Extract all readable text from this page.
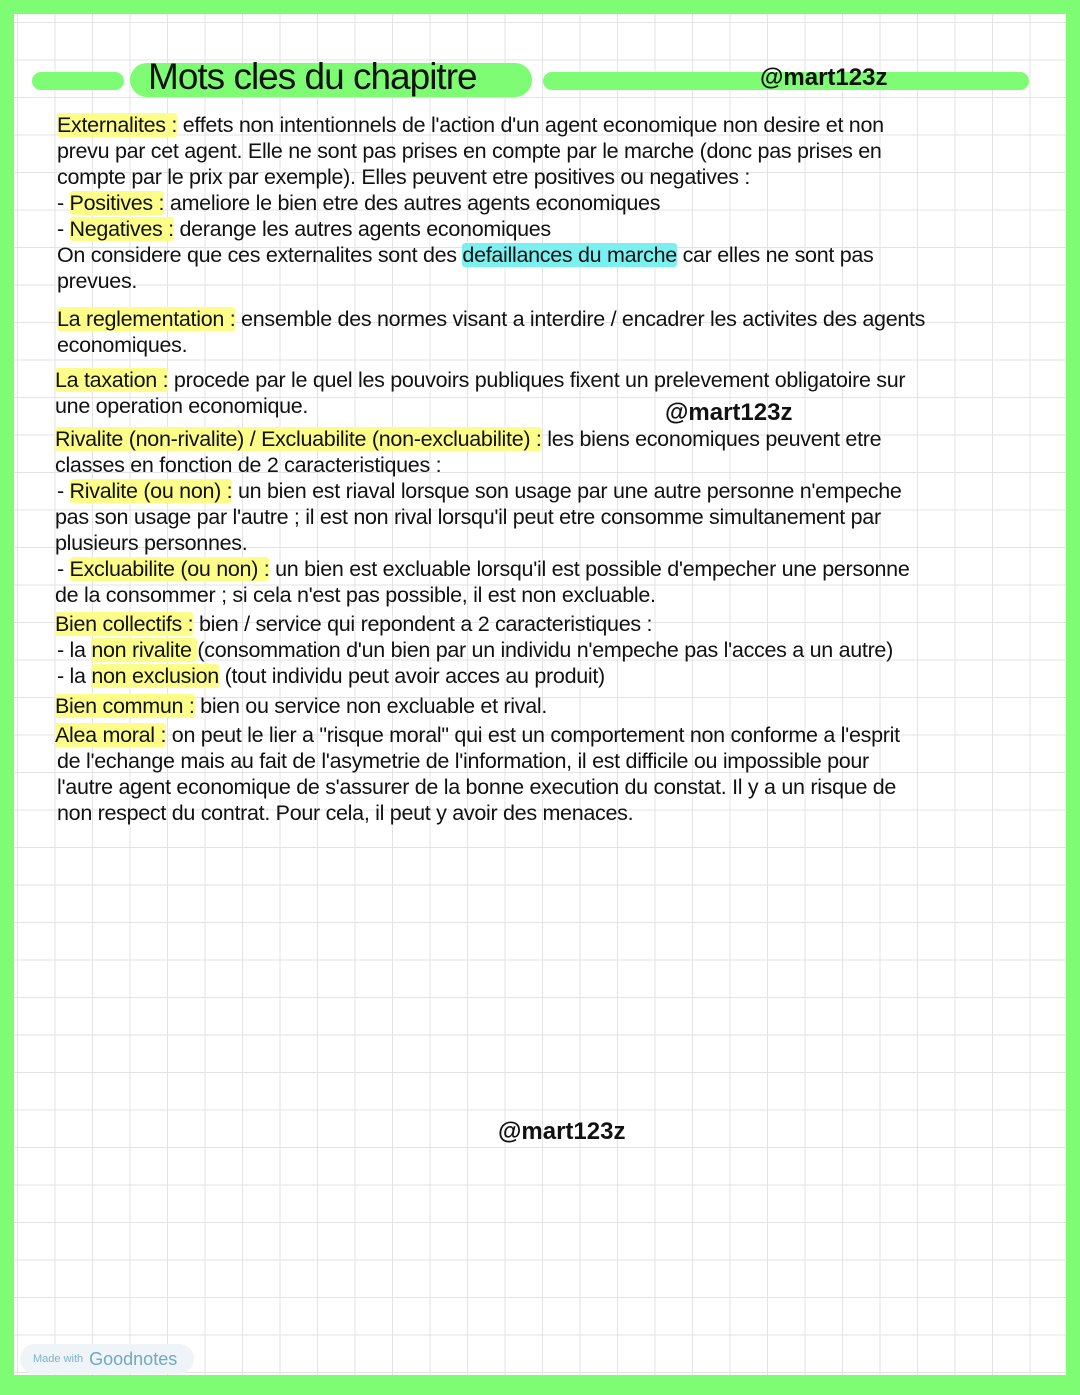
Mots cles du chapitre	@mart123z
Externalites : effets non intentionnels de l'action d'un agent economique non desire et non
prevu par cet agent. Elle ne sont pas prises en compte par le marche (donc pas prises en
compte par le prix par exemple). Elles peuvent etre positives ou negatives :
- Positives : ameliore le bien etre des autres agents economiques
- Negatives : derange les autres agents economiques
On considere que ces externalites sont des defaillances du marche car elles ne sont pas
prevues.
La reglementation : ensemble des normes visant a interdire / encadrer les activites des agents
economiques.
La taxation : procede par le quel les pouvoirs publiques fixent un prelevement obligatoire sur
une operation economique.
Rivalite (non-rivalite) / Excluabilite (non-excluabilite) : les biens economiques peuvent etre
classes en fonction de 2 caracteristiques :
- Rivalite (ou non) : un bien est riaval lorsque son usage par une autre personne n'empeche
pas son usage par l'autre ; il est non rival lorsqu'il peut etre consomme simultanement par
plusieurs personnes.
- Excluabilite (ou non) : un bien est excluable lorsqu'il est possible d'empecher une personne
de la consommer ; si cela n'est pas possible, il est non excluable.
Bien collectifs : bien / service qui repondent a 2 caracteristiques :
- la non rivalite (consommation d'un bien par un individu n'empeche pas l'acces a un autre)
- la non exclusion (tout individu peut avoir acces au produit)
Bien commun : bien ou service non excluable et rival.
Alea moral : on peut le lier a "risque moral" qui est un comportement non conforme a l'esprit
de l'echange mais au fait de l'asymetrie de l'information, il est difficile ou impossible pour
l'autre agent economique de s'assurer de la bonne execution du constat. Il y a un risque de
non respect du contrat. Pour cela, il peut y avoir des menaces.
@mart123z
@mart123z
Made with Goodnotes
